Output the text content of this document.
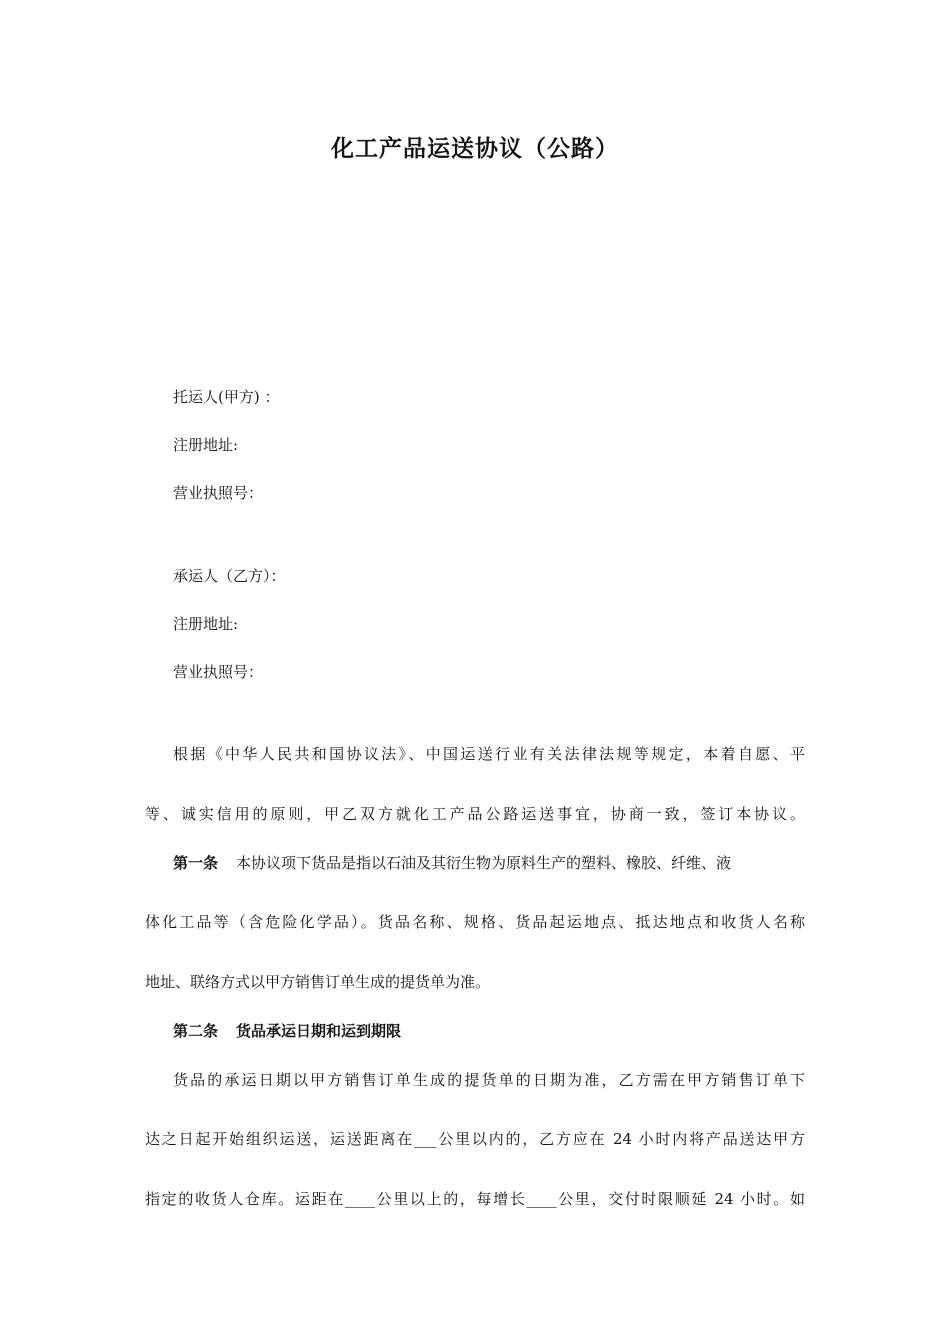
化工产品运送协议（公路）
托运人(甲方) ：
注册地址:
营业执照号：
承运人（乙方）：
注册地址:
营业执照号：
根据《中华人民共和国协议法》、中国运送行业有关法律法规等规定，本着自愿、平
等、诚实信用的原则，甲乙双方就化工产品公路运送事宜，协商一致，签订本协议。
第一条 本协议项下货品是指以石油及其衍生物为原料生产的塑料、橡胶、纤维、液
体化工品等（含危险化学品）。货品名称、规格、货品起运地点、抵达地点和收货人名称
地址、联络方式以甲方销售订单生成的提货单为准。
第二条 货品承运日期和运到期限
货品的承运日期以甲方销售订单生成的提货单的日期为准，乙方需在甲方销售订单下
达之日起开始组织运送，运送距离在___公里以内的，乙方应在 24 小时内将产品送达甲方
指定的收货人仓库。运距在____公里以上的，每增长____公里，交付时限顺延 24 小时。如
